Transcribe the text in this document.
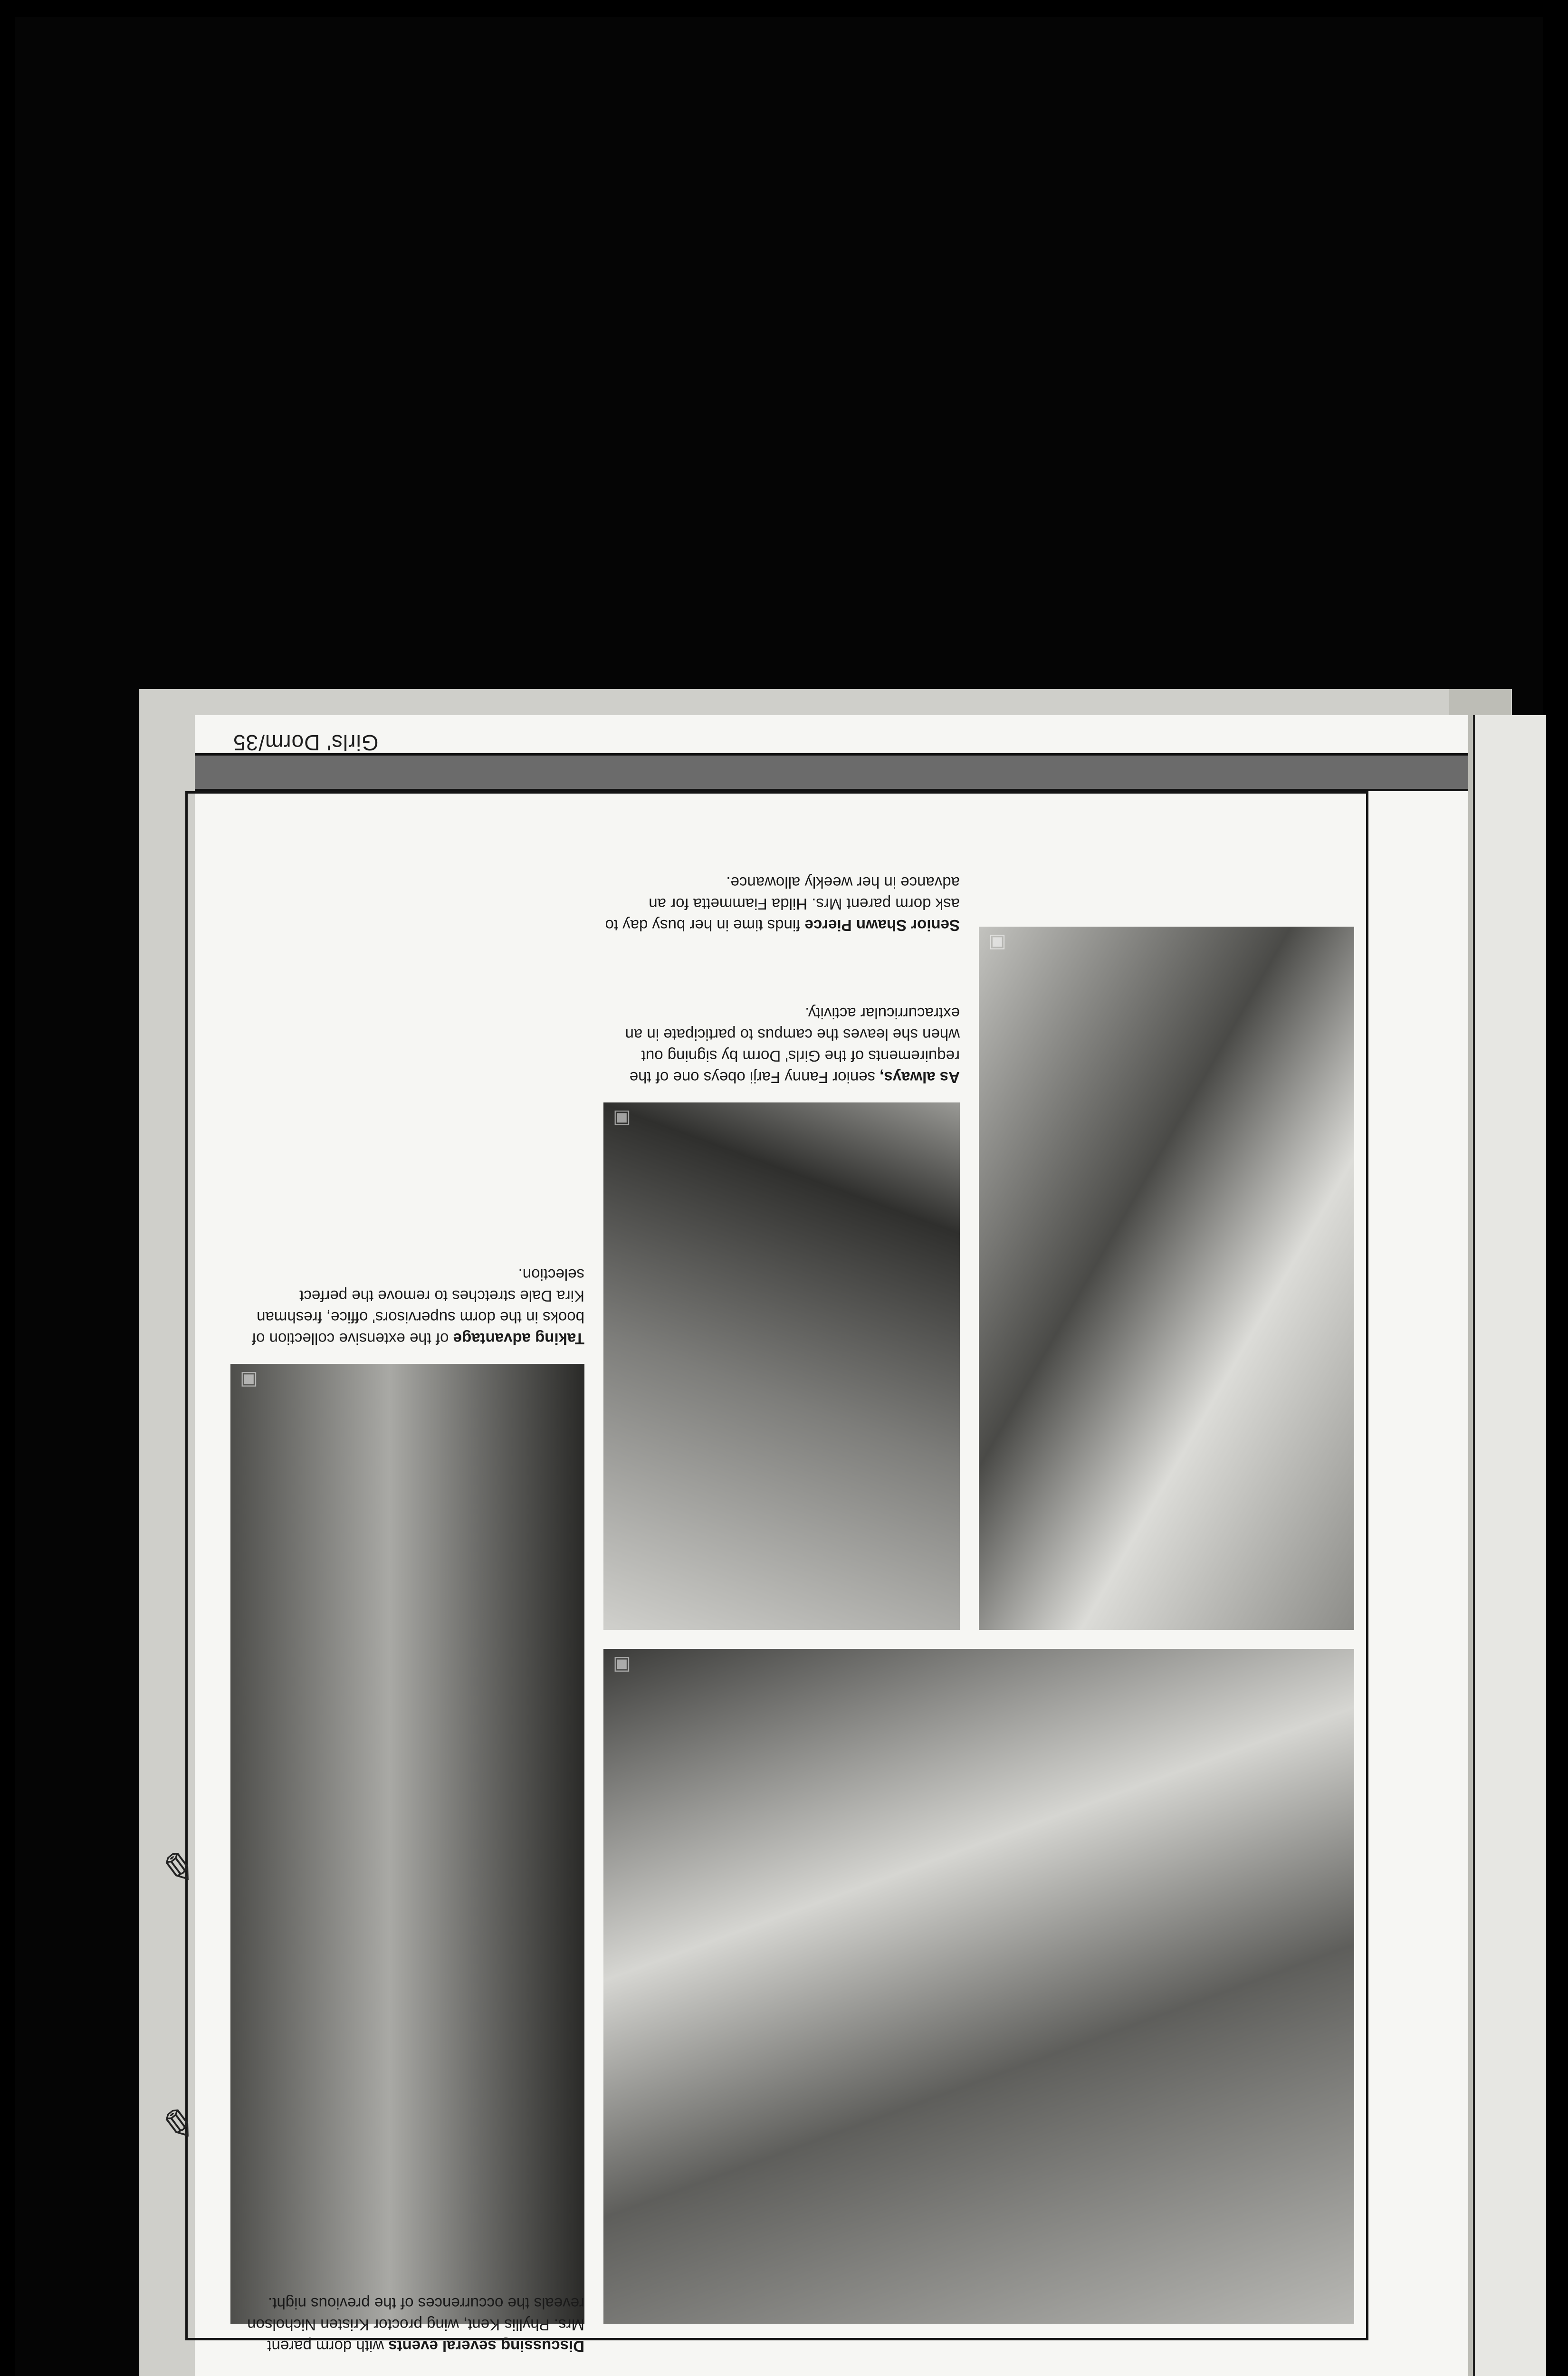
Girls' Dorm/35
▣
▣
▣
▣
Discussing several events with dorm parent Mrs. Phyllis Kent, wing proctor Kristen Nicholson reveals the occurrences of the previous night.
Taking advantage of the extensive collection of books in the dorm supervisors' office, freshman Kira Dale stretches to remove the perfect selection.
As always, senior Fanny Farji obeys one of the requirements of the Girls' Dorm by signing out when she leaves the campus to participate in an extracurricular activity.
Senior Shawn Pierce finds time in her busy day to ask dorm parent Mrs. Hilda Fiammetta for an advance in her weekly allowance.
✎
✎
